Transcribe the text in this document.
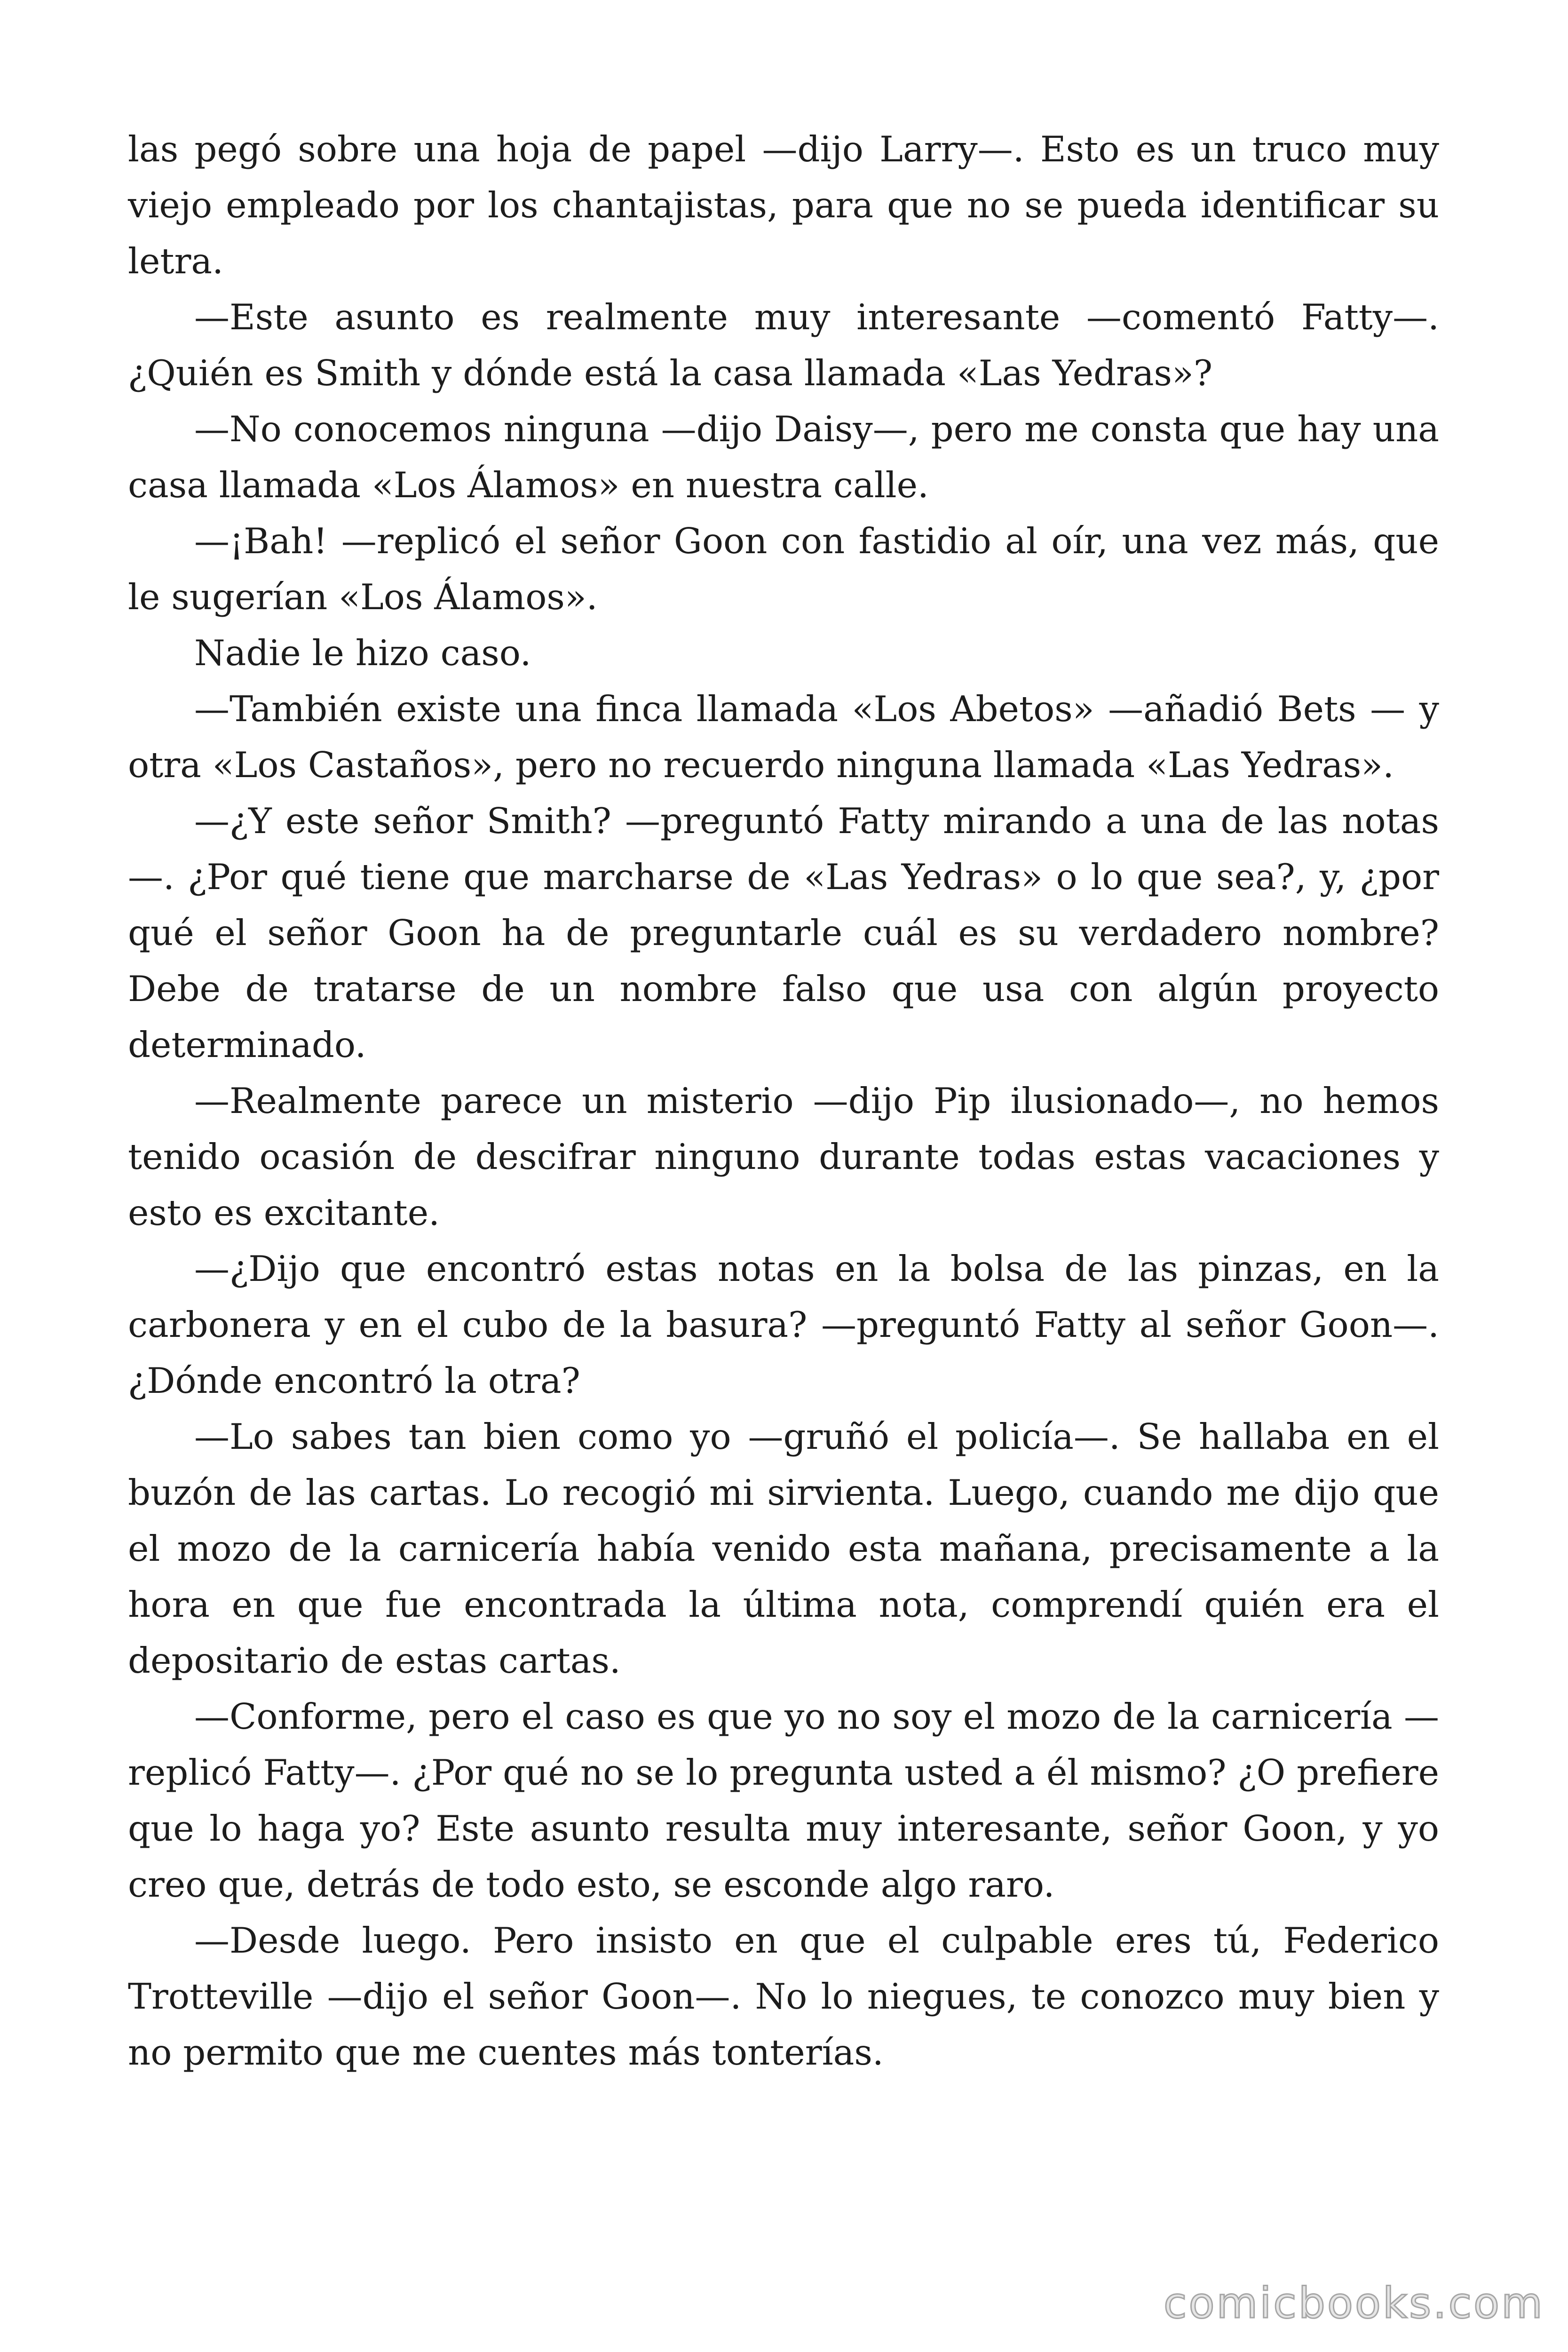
las pegó sobre una hoja de papel —dijo Larry—. Esto es un truco muy viejo empleado por los chantajistas, para que no se pueda identificar su letra.

—Este asunto es realmente muy interesante —comentó Fatty—. ¿Quién es Smith y dónde está la casa llamada «Las Yedras»?

—No conocemos ninguna —dijo Daisy—, pero me consta que hay una casa llamada «Los Álamos» en nuestra calle.

—¡Bah! —replicó el señor Goon con fastidio al oír, una vez más, que le sugerían «Los Álamos».

Nadie le hizo caso.

—También existe una finca llamada «Los Abetos» —añadió Bets — y otra «Los Castaños», pero no recuerdo ninguna llamada «Las Yedras».

—¿Y este señor Smith? —preguntó Fatty mirando a una de las notas—. ¿Por qué tiene que marcharse de «Las Yedras» o lo que sea?, y, ¿por qué el señor Goon ha de preguntarle cuál es su verdadero nombre? Debe de tratarse de un nombre falso que usa con algún proyecto determinado.

—Realmente parece un misterio —dijo Pip ilusionado—, no hemos tenido ocasión de descifrar ninguno durante todas estas vacaciones y esto es excitante.

—¿Dijo que encontró estas notas en la bolsa de las pinzas, en la carbonera y en el cubo de la basura? —preguntó Fatty al señor Goon—. ¿Dónde encontró la otra?

—Lo sabes tan bien como yo —gruñó el policía—. Se hallaba en el buzón de las cartas. Lo recogió mi sirvienta. Luego, cuando me dijo que el mozo de la carnicería había venido esta mañana, precisamente a la hora en que fue encontrada la última nota, comprendí quién era el depositario de estas cartas.

—Conforme, pero el caso es que yo no soy el mozo de la carnicería —replicó Fatty—. ¿Por qué no se lo pregunta usted a él mismo? ¿O prefiere que lo haga yo? Este asunto resulta muy interesante, señor Goon, y yo creo que, detrás de todo esto, se esconde algo raro.

—Desde luego. Pero insisto en que el culpable eres tú, Federico Trotteville —dijo el señor Goon—. No lo niegues, te conozco muy bien y no permito que me cuentes más tonterías.

comicbooks.com
